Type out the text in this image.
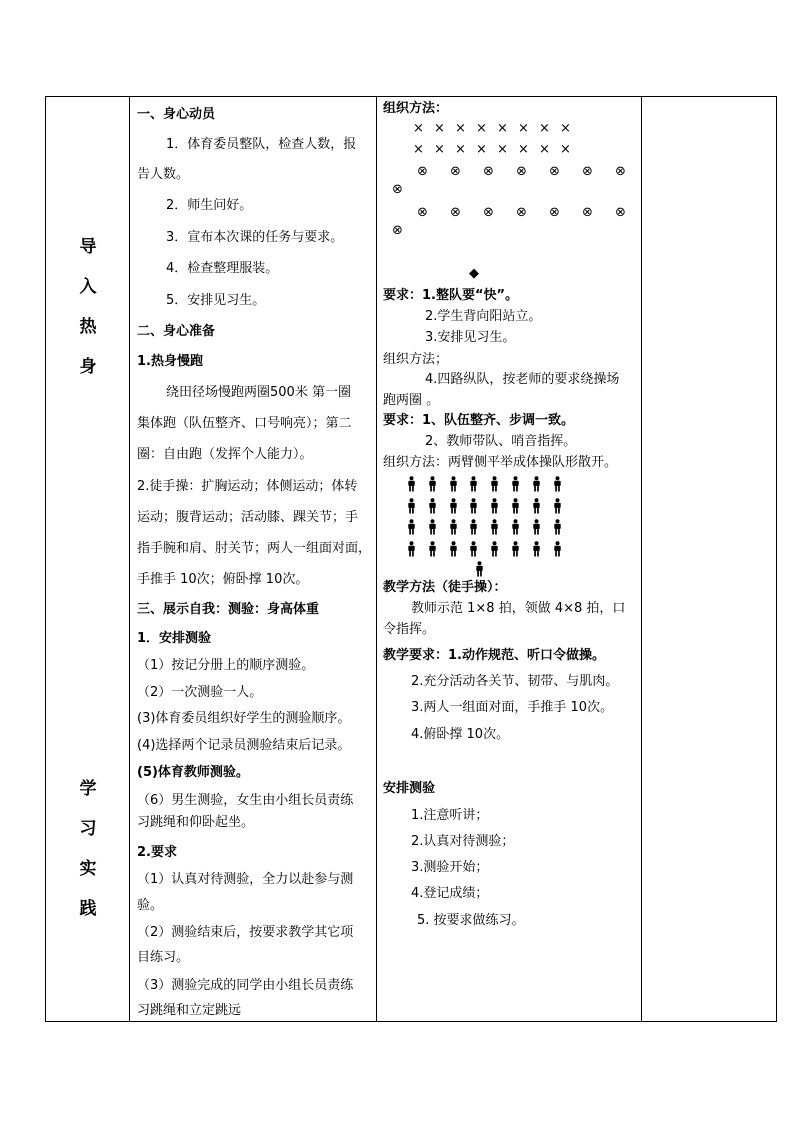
导
入
热
身
学
习
实
践
一、身心动员
1．体育委员整队，检查人数，报
告人数。
2．师生问好。
3．宣布本次课的任务与要求。
4．检查整理服装。
5．安排见习生。
二、身心准备
1.热身慢跑
绕田径场慢跑两圈500米 第一圈
集体跑（队伍整齐、口号响亮）；第二
圈：自由跑（发挥个人能力）。
2.徒手操：扩胸运动；体侧运动；体转
运动；腹背运动；活动膝、踝关节；手
指手腕和肩、肘关节；两人一组面对面，
手推手 10次；俯卧撑 10次。
三、展示自我：测验：身高体重
1．安排测验
（1）按记分册上的顺序测验。
（2）一次测验一人。
(3)体育委员组织好学生的测验顺序。
(4)选择两个记录员测验结束后记录。
(5)体育教师测验。
（6）男生测验，女生由小组长员责练
习跳绳和仰卧起坐。
2.要求
（1）认真对待测验，全力以赴参与测
验。
（2）测验结束后，按要求教学其它项
目练习。
（3）测验完成的同学由小组长员责练
习跳绳和立定跳远
组织方法：
× × × × × × × ×
× × × × × × × ×
⊗ ⊗ ⊗ ⊗ ⊗ ⊗ ⊗
⊗
⊗ ⊗ ⊗ ⊗ ⊗ ⊗ ⊗
⊗
◆
要求：1.整队要“快”。
2.学生背向阳站立。
3.安排见习生。
组织方法；
4.四路纵队，按老师的要求绕操场
跑两圈 。
要求：1、队伍整齐、步调一致。
2、教师带队、哨音指挥。
组织方法：两臂侧平举成体操队形散开。
教学方法（徒手操）：
教师示范 1×8 拍，领做 4×8 拍，口
令指挥。
教学要求：1.动作规范、听口令做操。
2.充分活动各关节、韧带、与肌肉。
3.两人一组面对面，手推手 10次。
4.俯卧撑 10次。
安排测验
1.注意听讲；
2.认真对待测验；
3.测验开始；
4.登记成绩；
5. 按要求做练习。
